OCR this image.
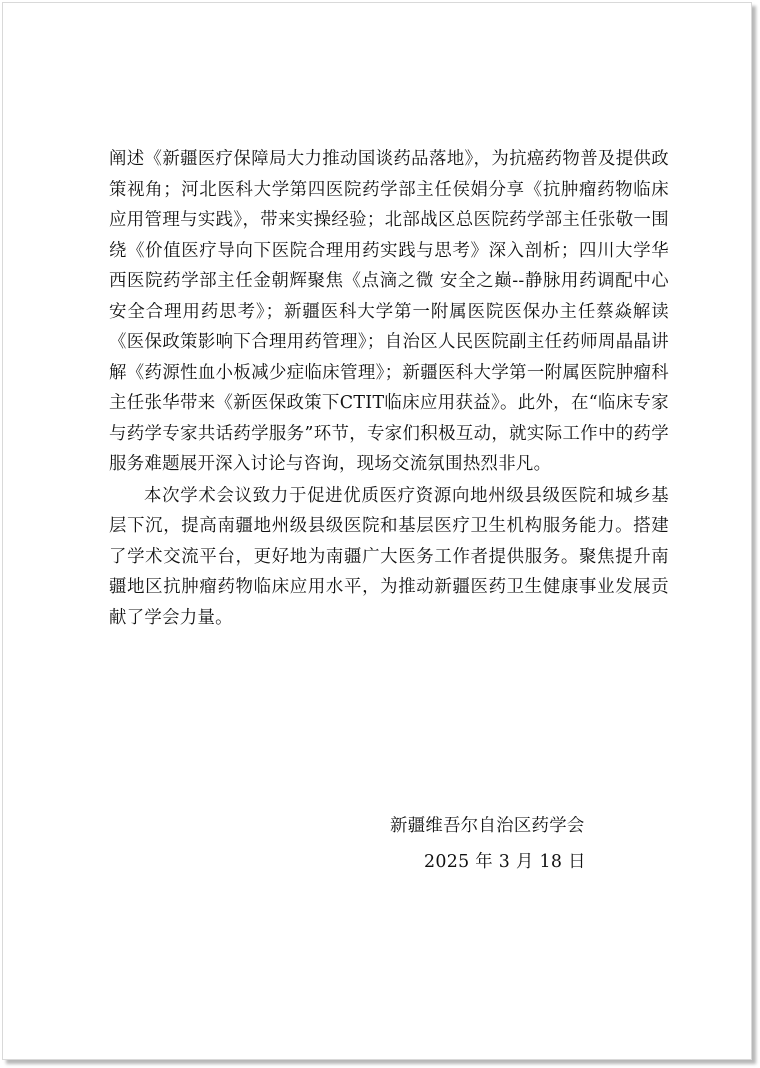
阐述《新疆医疗保障局大力推动国谈药品落地》，为抗癌药物普及提供政策视角；河北医科大学第四医院药学部主任侯娟分享《抗肿瘤药物临床应用管理与实践》，带来实操经验；北部战区总医院药学部主任张敬一围绕《价值医疗导向下医院合理用药实践与思考》深入剖析；四川大学华西医院药学部主任金朝辉聚焦《点滴之微 安全之巅--静脉用药调配中心安全合理用药思考》；新疆医科大学第一附属医院医保办主任蔡焱解读《医保政策影响下合理用药管理》；自治区人民医院副主任药师周晶晶讲解《药源性血小板减少症临床管理》；新疆医科大学第一附属医院肿瘤科主任张华带来《新医保政策下CTIT临床应用获益》。此外，在“临床专家与药学专家共话药学服务”环节，专家们积极互动，就实际工作中的药学服务难题展开深入讨论与咨询，现场交流氛围热烈非凡。

本次学术会议致力于促进优质医疗资源向地州级县级医院和城乡基层下沉，提高南疆地州级县级医院和基层医疗卫生机构服务能力。搭建了学术交流平台，更好地为南疆广大医务工作者提供服务。聚焦提升南疆地区抗肿瘤药物临床应用水平，为推动新疆医药卫生健康事业发展贡献了学会力量。

新疆维吾尔自治区药学会
2025 年 3 月 18 日
